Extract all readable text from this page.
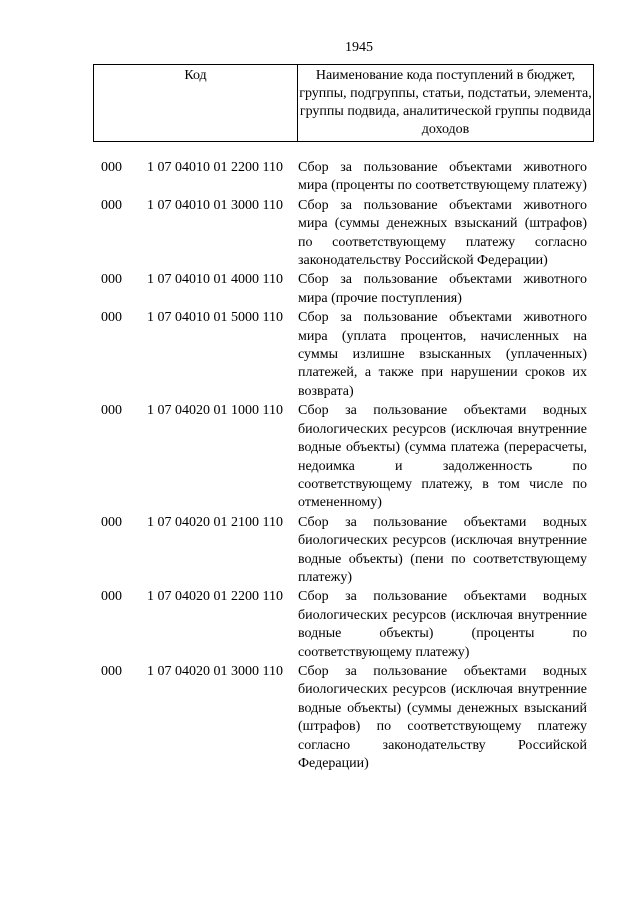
1945
Код	Наименование кода поступлений в бюджет, группы, подгруппы, статьи, подстатьи, элемента, группы подвида, аналитической группы подвида доходов
000	1 07 04010 01 2200 110	Сбор за пользование объектами животного мира (проценты по соответствующему платежу)
000	1 07 04010 01 3000 110	Сбор за пользование объектами животного мира (суммы денежных взысканий (штрафов) по соответствующему платежу согласно законодательству Российской Федерации)
000	1 07 04010 01 4000 110	Сбор за пользование объектами животного мира (прочие поступления)
000	1 07 04010 01 5000 110	Сбор за пользование объектами животного мира (уплата процентов, начисленных на суммы излишне взысканных (уплаченных) платежей, а также при нарушении сроков их возврата)
000	1 07 04020 01 1000 110	Сбор за пользование объектами водных биологических ресурсов (исключая внутренние водные объекты) (сумма платежа (перерасчеты, недоимка и задолженность по соответствующему платежу, в том числе по отмененному)
000	1 07 04020 01 2100 110	Сбор за пользование объектами водных биологических ресурсов (исключая внутренние водные объекты) (пени по соответствующему платежу)
000	1 07 04020 01 2200 110	Сбор за пользование объектами водных биологических ресурсов (исключая внутренние водные объекты) (проценты по соответствующему платежу)
000	1 07 04020 01 3000 110	Сбор за пользование объектами водных биологических ресурсов (исключая внутренние водные объекты) (суммы денежных взысканий (штрафов) по соответствующему платежу согласно законодательству Российской Федерации)
